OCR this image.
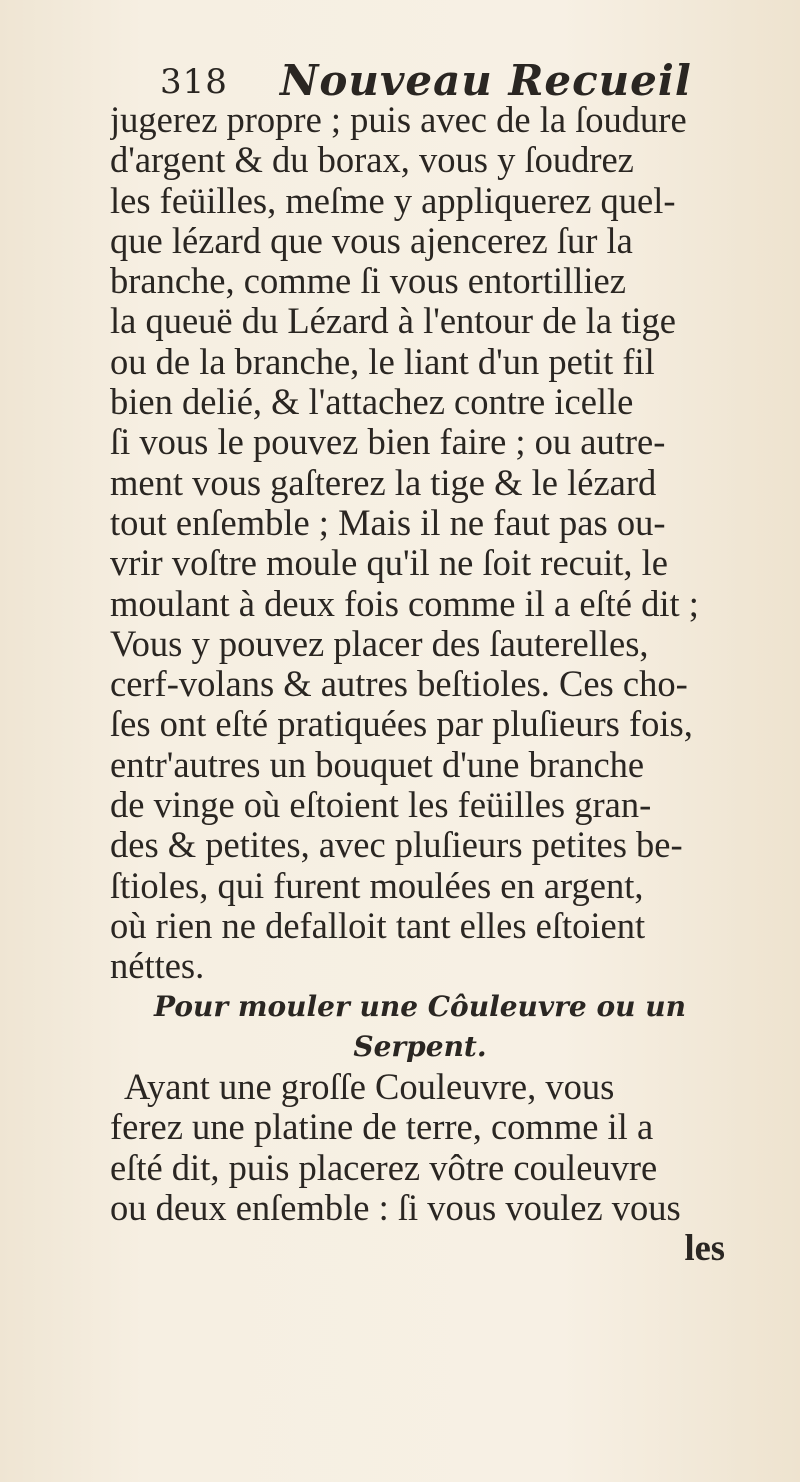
318 Nouveau Recueil
jugerez propre ; puis avec de la ſoudure
d'argent & du borax, vous y ſoudrez
les feüilles, meſme y appliquerez quel-
que lézard que vous ajencerez ſur la
branche, comme ſi vous entortilliez
la queuë du Lézard à l'entour de la tige
ou de la branche, le liant d'un petit fil
bien delié, & l'attachez contre icelle
ſi vous le pouvez bien faire ; ou autre-
ment vous gaſterez la tige & le lézard
tout enſemble ; Mais il ne faut pas ou-
vrir voſtre moule qu'il ne ſoit recuit, le
moulant à deux fois comme il a eſté dit ;
Vous y pouvez placer des ſauterelles,
cerf-volans & autres beſtioles. Ces cho-
ſes ont eſté pratiquées par pluſieurs fois,
entr'autres un bouquet d'une branche
de vinge où eſtoient les feüilles gran-
des & petites, avec pluſieurs petites be-
ſtioles, qui furent moulées en argent,
où rien ne defalloit tant elles eſtoient
néttes.
Pour mouler une Côuleuvre ou un
Serpent.
Ayant une groſſe Couleuvre, vous
ferez une platine de terre, comme il a
eſté dit, puis placerez vôtre couleuvre
ou deux enſemble : ſi vous voulez vous
les
